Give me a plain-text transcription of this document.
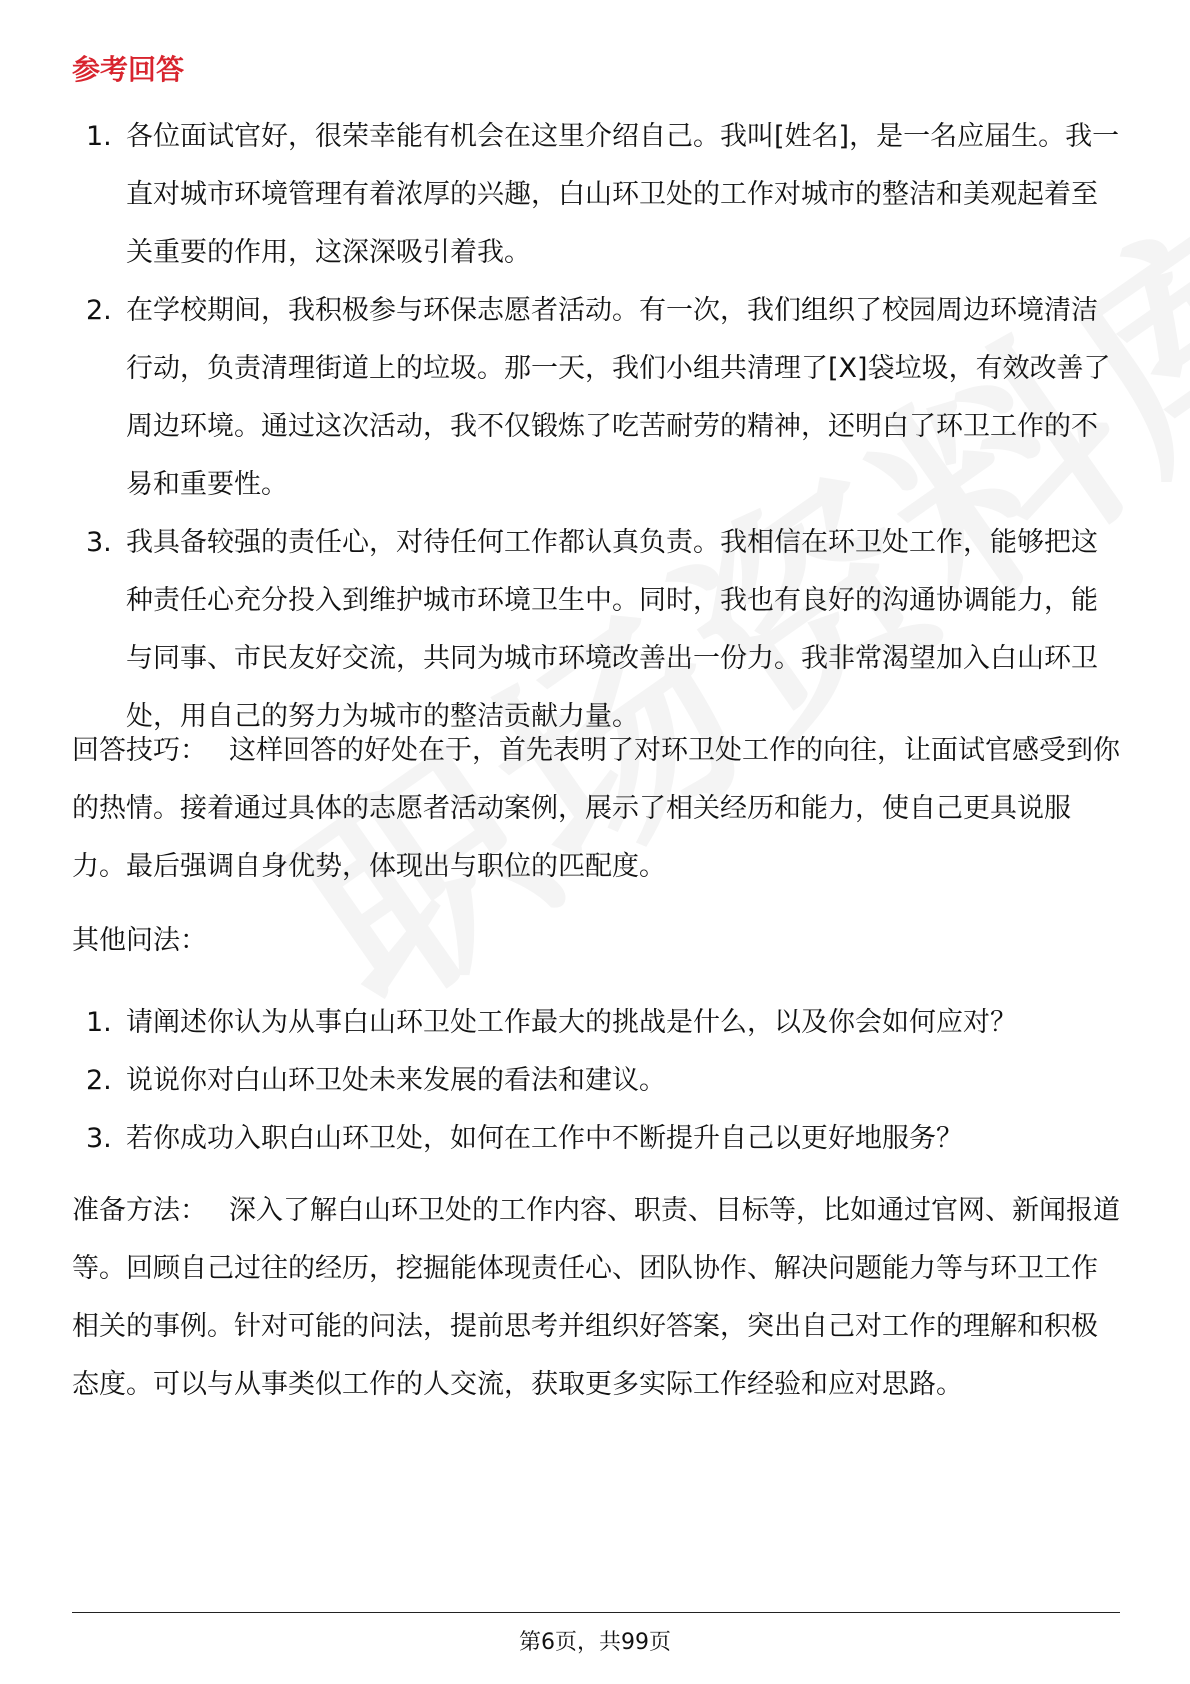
参考回答
1. 各位面试官好，很荣幸能有机会在这里介绍自己。我叫[姓名]，是一名应届生。我一直对城市环境管理有着浓厚的兴趣，白山环卫处的工作对城市的整洁和美观起着至关重要的作用，这深深吸引着我。
2. 在学校期间，我积极参与环保志愿者活动。有一次，我们组织了校园周边环境清洁行动，负责清理街道上的垃圾。那一天，我们小组共清理了[X]袋垃圾，有效改善了周边环境。通过这次活动，我不仅锻炼了吃苦耐劳的精神，还明白了环卫工作的不易和重要性。
3. 我具备较强的责任心，对待任何工作都认真负责。我相信在环卫处工作，能够把这种责任心充分投入到维护城市环境卫生中。同时，我也有良好的沟通协调能力，能与同事、市民友好交流，共同为城市环境改善出一份力。我非常渴望加入白山环卫处，用自己的努力为城市的整洁贡献力量。

回答技巧： 这样回答的好处在于，首先表明了对环卫处工作的向往，让面试官感受到你的热情。接着通过具体的志愿者活动案例，展示了相关经历和能力，使自己更具说服力。最后强调自身优势，体现出与职位的匹配度。

其他问法：

1. 请阐述你认为从事白山环卫处工作最大的挑战是什么，以及你会如何应对？
2. 说说你对白山环卫处未来发展的看法和建议。
3. 若你成功入职白山环卫处，如何在工作中不断提升自己以更好地服务？

准备方法： 深入了解白山环卫处的工作内容、职责、目标等，比如通过官网、新闻报道等。回顾自己过往的经历，挖掘能体现责任心、团队协作、解决问题能力等与环卫工作相关的事例。针对可能的问法，提前思考并组织好答案，突出自己对工作的理解和积极态度。可以与从事类似工作的人交流，获取更多实际工作经验和应对思路。

第6页，共99页
